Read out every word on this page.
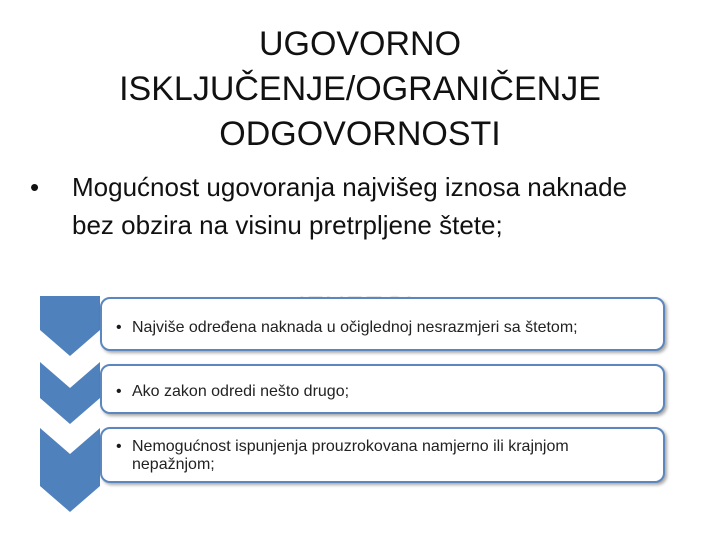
UGOVORNO
ISKLJUČENJE/OGRANIČENJE
ODGOVORNOSTI
• Mogućnost ugovoranja najvišeg iznosa naknade bez obzira na visinu pretrpljene štete;
• Najviše određena naknada u očiglednoj nesrazmjeri sa štetom;
• Ako zakon odredi nešto drugo;
• Nemogućnost ispunjenja prouzrokovana namjerno ili krajnjom nepažnjom;
